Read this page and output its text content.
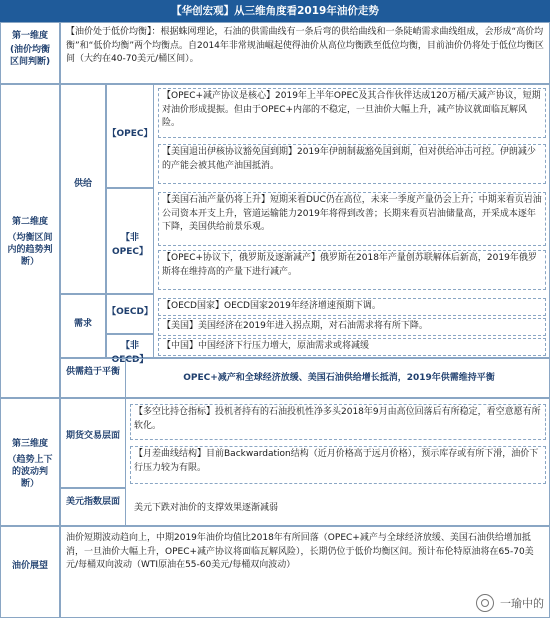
【华创宏观】从三维角度看2019年油价走势
第一维度
(油价均衡区间判断)
【油价处于低价均衡】：根据蛛网理论，石油的供需曲线有一条后弯的供给曲线和一条陡峭需求曲线组成，会形成“高价均衡”和“低价均衡”两个均衡点。自2014年非常规油崛起使得油价从高位均衡跌至低位均衡，目前油价仍将处于低位均衡区间（大约在40-70美元/桶区间）。
第二维度
（均衡区间内的趋势判断）
供给
需求
【OPEC】
【非OPEC】
【OECD】
【非OECD】
【OPEC+减产协议是核心】2019年上半年OPEC及其合作伙伴达成120万桶/天减产协议，短期对油价形成提振。但由于OPEC+内部的不稳定，一旦油价大幅上升，减产协议就面临瓦解风险。
【美国退出伊核协议豁免国到期】2019年伊朗制裁豁免国到期，但对供给冲击可控。伊朗减少的产能会被其他产油国抵消。
【美国石油产量仍将上升】短期来看DUC仍在高位，未来一季度产量仍会上升；中期来看页岩油公司资本开支上升，管道运输能力2019年将得到改善；长期来看页岩油储量高，开采成本逐年下降，美国供给前景乐观。
【OPEC+协议下，俄罗斯及逐渐减产】俄罗斯在2018年产量创苏联解体后新高，2019年俄罗斯将在维持高的产量下进行减产。
【OECD国家】OECD国家2019年经济增速预期下调。
【美国】美国经济在2019年进入拐点期，对石油需求将有所下降。
【中国】中国经济下行压力增大，原油需求或将减缓
供需趋于平衡
OPEC+减产和全球经济放缓、美国石油供给增长抵消，2019年供需维持平衡
第三维度
（趋势上下的波动判断）
期货交易层面
【多空比持仓指标】投机者持有的石油投机性净多头2018年9月由高位回落后有所稳定，看空意愿有所软化。
【月差曲线结构】目前Backwardation结构（近月价格高于远月价格），预示库存或有所下滑，油价下行压力较为有限。
美元指数层面
美元下跌对油价的支撑效果逐渐减弱
油价展望
油价短期波动趋向上，中期2019年油价均值比2018年有所回落（OPEC+减产与全球经济放缓、美国石油供给增加抵消，一旦油价大幅上升，OPEC+减产协议将面临瓦解风险），长期仍位于低价均衡区间。预计布伦特原油将在65-70美元/每桶双向波动（WTI原油在55-60美元/每桶双向波动）
一瑜中的
